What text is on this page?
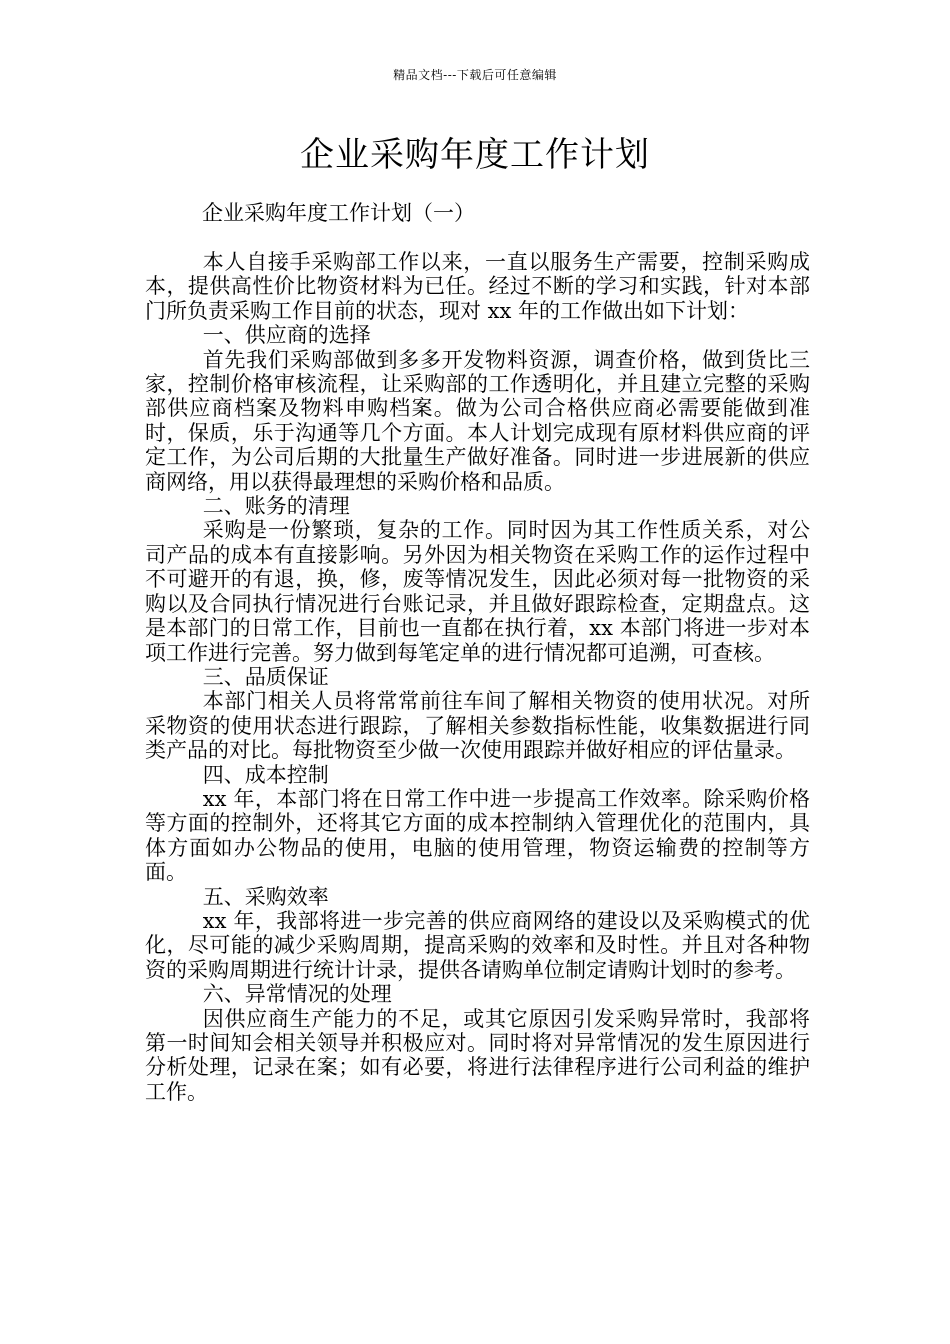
精品文档---下载后可任意编辑
企业采购年度工作计划
企业采购年度工作计划（一）

本人自接手采购部工作以来，一直以服务生产需要，控制采购成本，提供高性价比物资材料为已任。经过不断的学习和实践，针对本部门所负责采购工作目前的状态，现对 xx 年的工作做出如下计划：

一、供应商的选择

首先我们采购部做到多多开发物料资源，调查价格，做到货比三家，控制价格审核流程，让采购部的工作透明化，并且建立完整的采购部供应商档案及物料申购档案。做为公司合格供应商必需要能做到准时，保质，乐于沟通等几个方面。本人计划完成现有原材料供应商的评定工作，为公司后期的大批量生产做好准备。同时进一步进展新的供应商网络，用以获得最理想的采购价格和品质。

二、账务的清理

采购是一份繁琐，复杂的工作。同时因为其工作性质关系，对公司产品的成本有直接影响。另外因为相关物资在采购工作的运作过程中不可避开的有退，换，修，废等情况发生，因此必须对每一批物资的采购以及合同执行情况进行台账记录，并且做好跟踪检查，定期盘点。这是本部门的日常工作，目前也一直都在执行着，xx 本部门将进一步对本项工作进行完善。努力做到每笔定单的进行情况都可追溯，可查核。

三、品质保证

本部门相关人员将常常前往车间了解相关物资的使用状况。对所采物资的使用状态进行跟踪，了解相关参数指标性能，收集数据进行同类产品的对比。每批物资至少做一次使用跟踪并做好相应的评估量录。

四、成本控制

xx 年，本部门将在日常工作中进一步提高工作效率。除采购价格等方面的控制外，还将其它方面的成本控制纳入管理优化的范围内，具体方面如办公物品的使用，电脑的使用管理，物资运输费的控制等方面。

五、采购效率

xx 年，我部将进一步完善的供应商网络的建设以及采购模式的优化，尽可能的减少采购周期，提高采购的效率和及时性。并且对各种物资的采购周期进行统计计录，提供各请购单位制定请购计划时的参考。

六、异常情况的处理

因供应商生产能力的不足，或其它原因引发采购异常时，我部将第一时间知会相关领导并积极应对。同时将对异常情况的发生原因进行分析处理，记录在案；如有必要，将进行法律程序进行公司利益的维护工作。
